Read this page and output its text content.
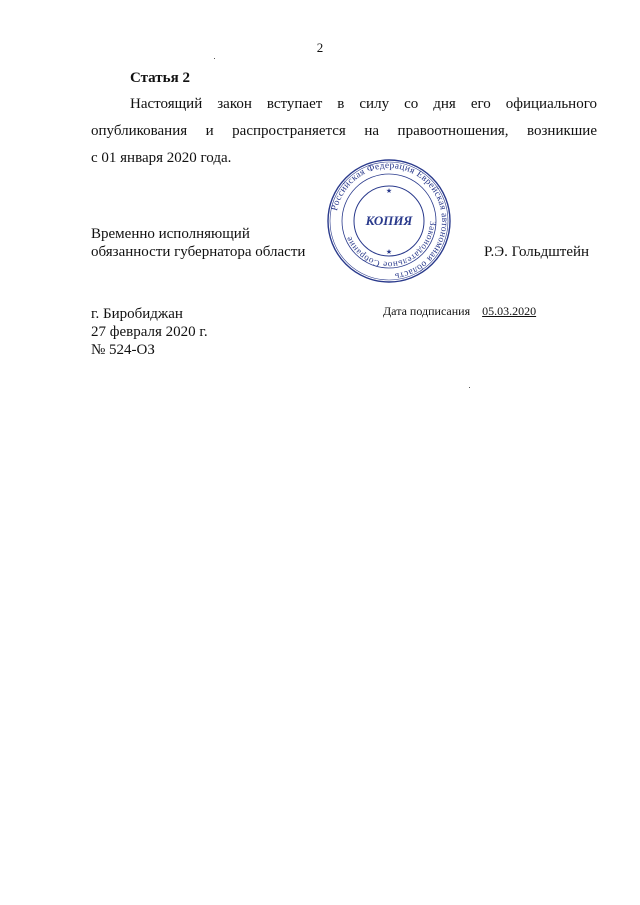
2
Статья 2
Настоящий закон вступает в силу со дня его официального
опубликования и распространяется на правоотношения, возникшие
с 01 января 2020 года.
Временно исполняющий
обязанности губернатора области	Р.Э. Гольдштейн
Российская Федерация Еврейская автономная область
Законодательное Собрание
КОПИЯ
★
★
г. Биробиджан
27 февраля 2020 г.
№ 524-ОЗ
Дата подписания 05.03.2020
